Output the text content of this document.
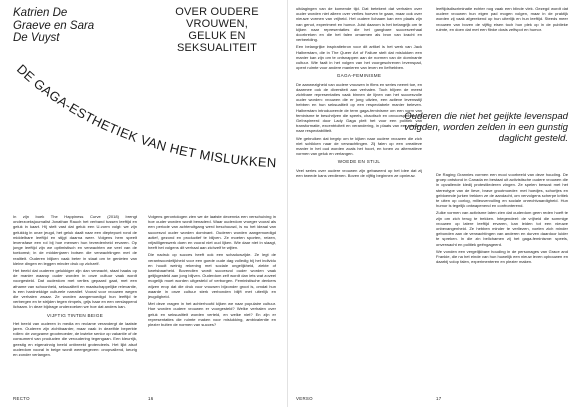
Katrien De
Graeve en Sara
De Vuyst
OVER OUDERE
VROUWEN,
GELUK EN
SEKSUALITEIT
DE GAGA-ESTHETIEK VAN HET MISLUKKEN

In zijn boek The Happiness Curve (2018) brengt onderzoeksjournalist Jonathan Rauch het verband tussen leeftijd en geluk in kaart. Hij stelt vast dat geluk een U-vorm volgt: we zijn gelukkig in onze jeugd, het geluk daalt naar een dieptepunt rond de middelbare leeftijd en stijgt daarna weer. Volgens hem speelt levensfase een rol bij hoe mensen hun tevredenheid ervaren. Op jonge leeftijd zijn we optimistisch en verwachten we veel van de toekomst; in de middenjaren botsen die verwachtingen met de realiteit. Ouderen blijken vaak beter in staat om te genieten van kleine dingen en leggen minder druk op zichzelf.

Het beeld dat ouderen gelukkiger zijn dan verwacht, staat haaks op de manier waarop ouder worden in onze cultuur vaak wordt voorgesteld. Dat ouderdom met verlies gepaard gaat, met een afname van schoonheid, seksualiteit en maatschappelijke relevantie, is een hardnekkige culturele narratief. Vooral voor vrouwen wegen die verhalen zwaar. Ze worden aangemoedigd hun leeftijd te verbergen en te strijden tegen rimpels, grijs haar en een verslappend lichaam. In deze bijdrage onderzoeken we hoe dat anders kan.

VIJFTIG TINTEN BEIGE

Het beeld van ouderen in media en reclame verandergt de laatste jaren. Ouderen zijn zichtbaarder, maar vaak in dezelfde beperkte rollen: de zorgzame grootmoeder, de kwieke senior op vakantie of de consument van producten die veroudering tegengaan. Een kleurrijk, geestig en eigenzinnig beeld ontbreekt grotendeels. Het lijkt alsof ouderdom vooral in beige wordt weergegeven: onopvallend, keurig en zonder verlangen.

Volgens gerontologen zien we de laatste decennia een verschuiving in hoe ouder worden wordt benaderd. Waar ouderdom vroeger vooral als een periode van achteruitgang werd beschouwd, is nu het ideaal van succesvol ouder worden dominant. Ouderen worden aangemoedigd actief, gezond en productief te blijven. Ze moeten sporten, reizen, vrijwilligerswerk doen en vooral niet oud lijken. Wie daar niet in slaagt, heeft het volgens dit verhaal aan zichzelf te wijten.

Die nadruk op succes heeft ook een schaduwzijde. Ze legt de verantwoordelijkheid voor een goede oude dag volledig bij het individu en houdt weinig rekening met sociale ongelijkheid, ziekte of kwetsbaarheid. Bovendien wordt succesvol ouder worden vaak gelijkgesteld aan jong blijven. Ouderdom zelf wordt dan iets wat zoveel mogelijk moet worden uitgesteld of verborgen. Feministische denkers wijzen erop dat die druk voor vrouwen bijzonder groot is, omdat hun waarde in onze cultuur sterk verbonden blijft met uiterlijk en jeugdigheid.

Met deze vragen in het achterhoofd kijken we naar populaire cultuur. Hoe worden oudere vrouwen er voorgesteld? Welke verhalen over geluk en seksualiteit worden verteld, en welke niet? En zijn er representaties die ruimte maken voor mislukking, ambivalentie en plezier buiten de normen van succes?

RECTO	16

uitdagingen van de komende tijd. Dat betekent dat verhalen over ouder worden niet alleen over verlies hoeven te gaan, maar ook over nieuwe vormen van vrijheid. Het oudere lichaam kan een plaats zijn van genot, experiment en humor. Juist daarom is het belangrijk om te kijken naar representaties die het gangbare succesverhaal doorbreken en die het falen omarmen als bron van kracht en verbeelding.

Een belangrijke inspiratiebron voor dit artikel is het werk van Jack Halberstam, die in The Queer Art of Failure stelt dat mislukken een manier kan zijn om te ontsnappen aan de normen van de dominante cultuur. Wie faalt in het volgen van het voorgeschreven levenspad, opent ruimte voor andere manieren van leven en liefhebben.

GAGA-FEMINISME

De aanwezigheid van oudere vrouwen in films en series neemt toe, en daarmee ook de diversiteit aan verhalen. Toch blijven de meest zichtbare representaties vaak binnen de lijnen van het succesvolle ouder worden: vrouwen die er jong uitzien, een actieve levensstijl hebben en hun seksualiteit op een respectabele manier beleven. Halberstam introduceerde de term gaga-feminisme om een vorm van feminisme te beschrijven die speels, chaotisch en onvoorspelbaar is. Geïnspireerd door Lady Gaga pleit het voor een politiek van transformatie, excentriciteit en verandering, in plaats van een streven naar respectabiliteit.

We gebruiken dat begrip om te kijken naar oudere vrouwen die zich niet schikken naar de verwachtingen. Zij falen op een creatieve manier in het oud worden zoals het hoort, en tonen zo alternatieve vormen van geluk en verlangen.

WOEDE EN STIJL

Veel series over oudere vrouwen zijn gebaseerd op het idee dat zij een tweede kans verdienen. Boven de vijftig beginnen ze opnieuw.

leeftijdsdiscriminatie echter nog vaak een blinde vlek. Gezegd wordt dat oudere vrouwen hun eigen pad mogen volgen, maar in de praktijk worden zij vaak afgerekend op hun uiterlijk en hun leeftijd. Steeds meer vrouwen van boven de vijftig eisen toch hun plek op in de publieke ruimte, en doen dat met een flinke dosis zelfspot en humor.

De Raging Grannies vormen een mooi voorbeeld van deze houding. De groep ontstond in Canada en bestaat uit activistische oudere vrouwen die in opvallende kledij protestliederen zingen. Ze spelen bewust met het stereotype van de lieve, brave grootmoeder: met hoedjes, schortjes en gebloemde jurken trekken ze de aandacht, om vervolgens scherpe kritiek te uiten op oorlog, milieuvervuiling en sociale onrechtvaardigheid. Hun humor is tegelijk ontwapenend en confronterend.

Zulke vormen van activisme laten zien dat ouderdom geen reden hoeft te zijn om zich terug te trekken. Integendeel: de vrijheid die sommige vrouwen op latere leeftijd ervaren, kan leiden tot een nieuwe onbevangenheid. Ze hebben minder te verliezen, voelen zich minder gebonden aan de verwachtingen van anderen en durven daardoor luider te spreken. In die zin belichamen zij het gaga-feminisme: speels, onverwacht en politiek geëngageerd.

We vonden een vergelijkbare houding in de personages van Grace and Frankie, die na het einde van hun huwelijk een nieuw leven opbouwen en daarbij volop falen, experimenteren en plezier maken.

VERSO	17
Ouderen die niet het geijkte levenspad volgden, worden zelden in een gunstig daglicht gesteld.
